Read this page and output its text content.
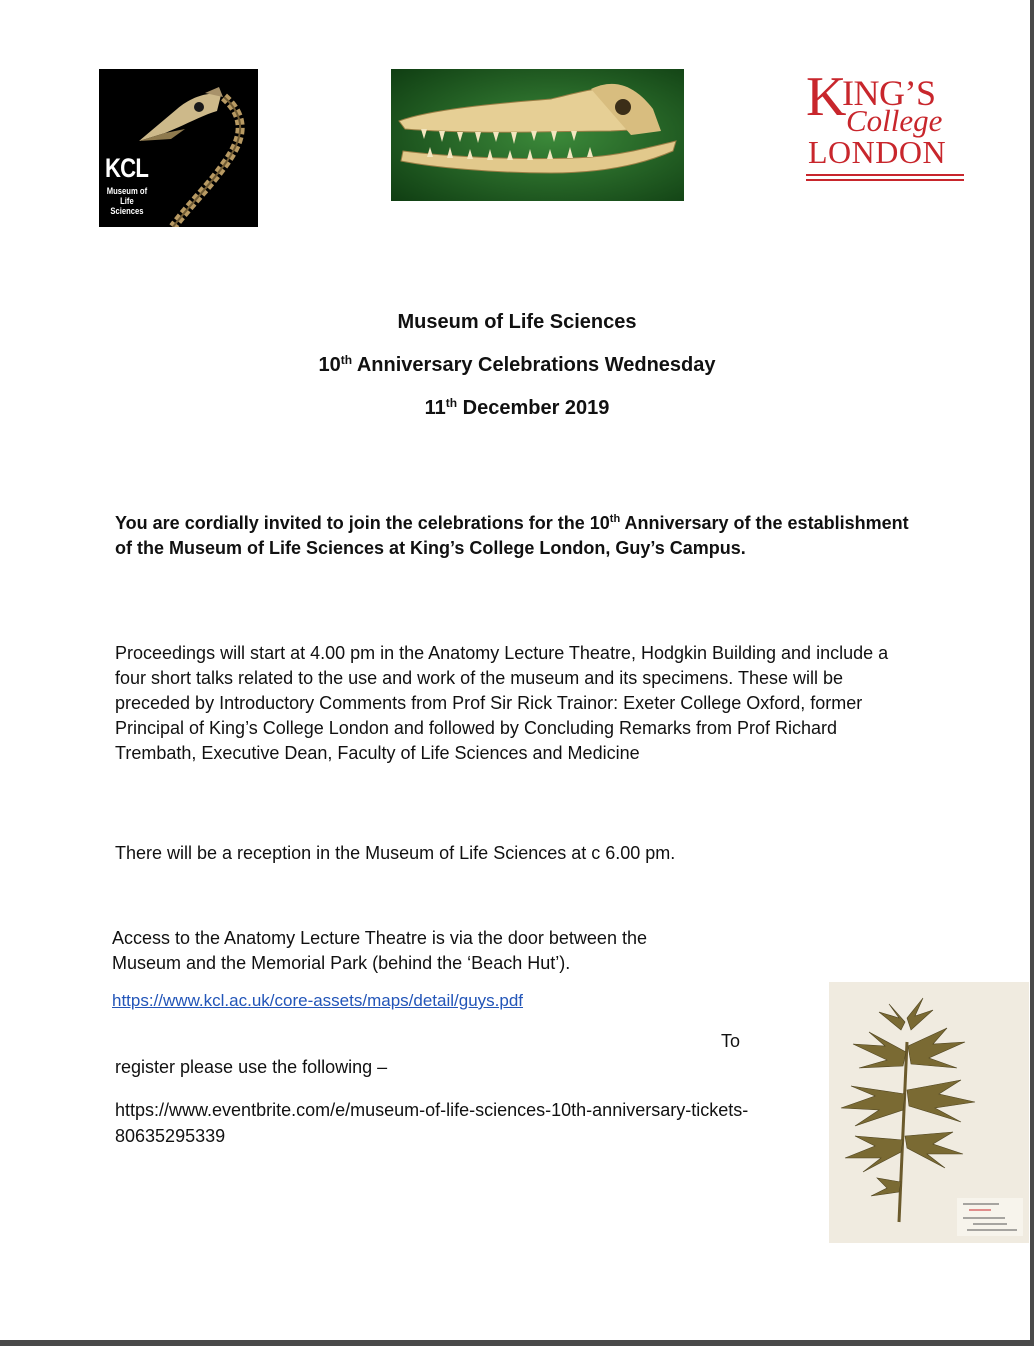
KCL
Museum of Life Sciences
K
ING’S
College
LONDON
Museum of Life Sciences
10th Anniversary Celebrations Wednesday
11th December 2019
You are cordially invited to join the celebrations for the 10th Anniversary of the establishment of the Museum of Life Sciences at King’s College London, Guy’s Campus.
Proceedings will start at 4.00 pm in the Anatomy Lecture Theatre, Hodgkin Building and include a four short talks related to the use and work of the museum and its specimens. These will be preceded by Introductory Comments from Prof Sir Rick Trainor: Exeter College Oxford, former Principal of King’s College London and followed by Concluding Remarks from Prof Richard Trembath, Executive Dean, Faculty of Life Sciences and Medicine
There will be a reception in the Museum of Life Sciences at c 6.00 pm.
Access to the Anatomy Lecture Theatre is via the door between the Museum and the Memorial Park (behind the ‘Beach Hut’).
https://www.kcl.ac.uk/core-assets/maps/detail/guys.pdf
To
register please use the following –
https://www.eventbrite.com/e/museum-of-life-sciences-10th-anniversary-tickets-80635295339
